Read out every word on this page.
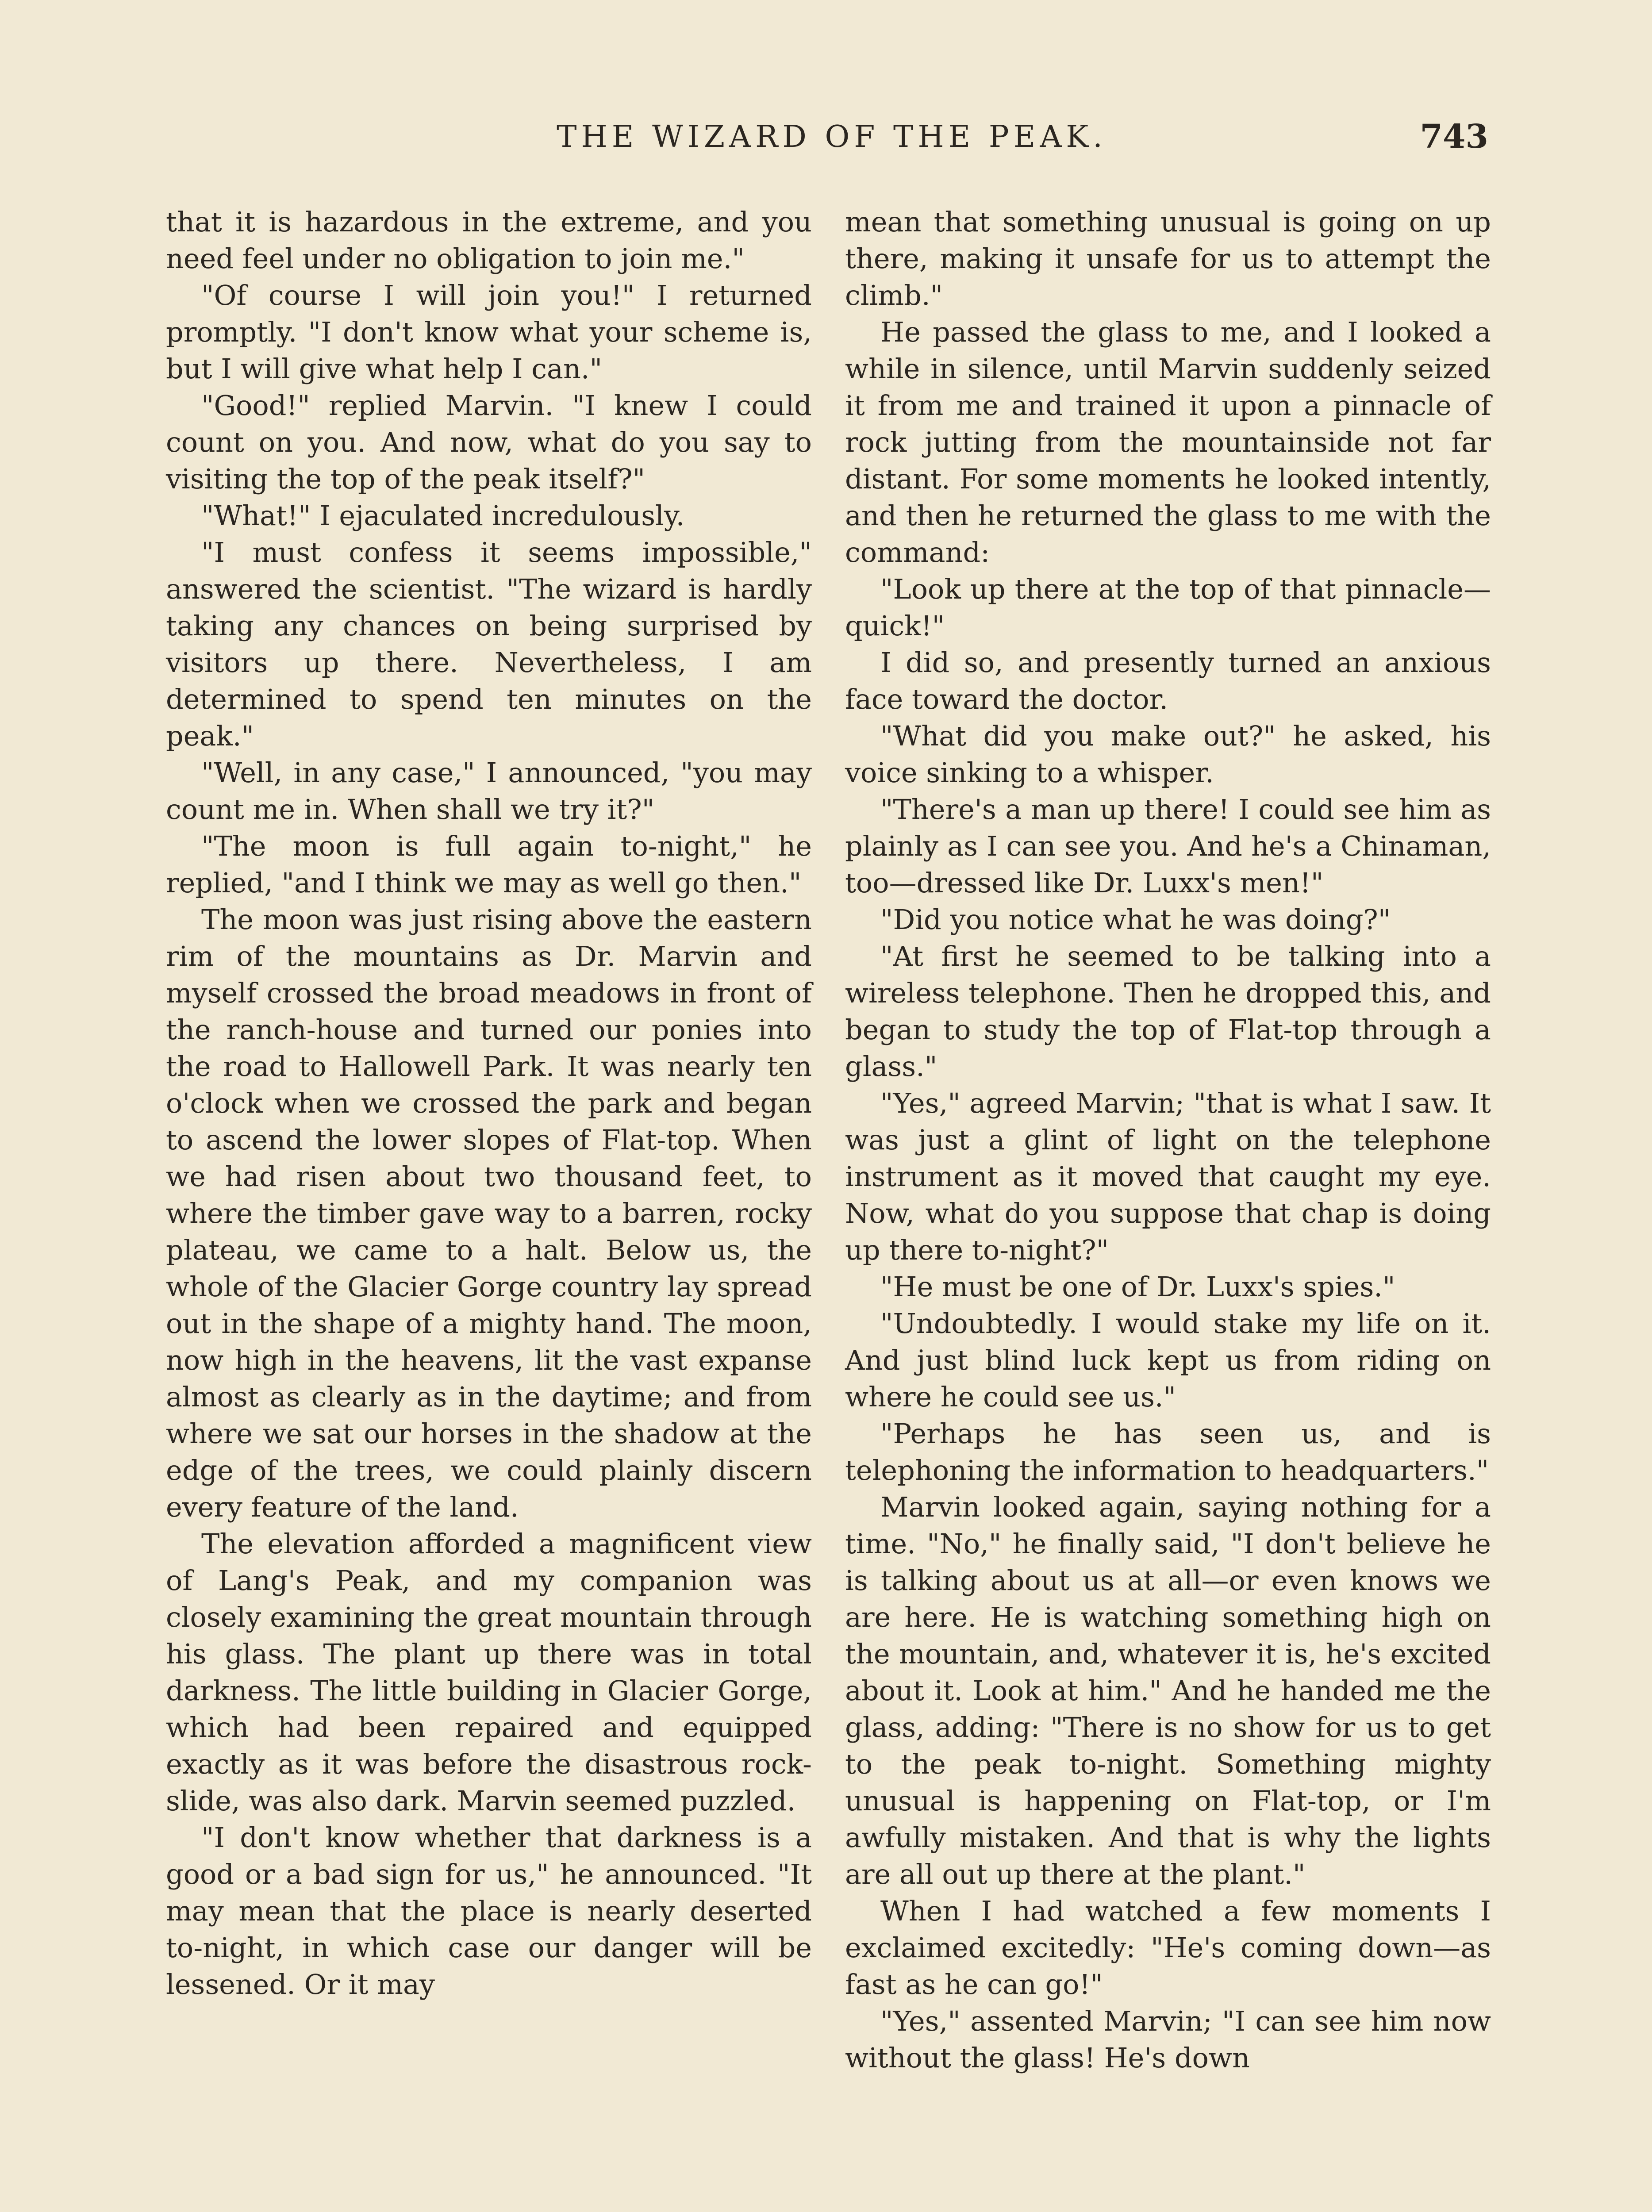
THE WIZARD OF THE PEAK.	743

that it is hazardous in the extreme, and you need feel under no obligation to join me."

"Of course I will join you!" I returned promptly. "I don't know what your scheme is, but I will give what help I can."

"Good!" replied Marvin. "I knew I could count on you. And now, what do you say to visiting the top of the peak itself?"

"What!" I ejaculated incredulously.

"I must confess it seems impossible," answered the scientist. "The wizard is hardly taking any chances on being surprised by visitors up there. Nevertheless, I am determined to spend ten minutes on the peak."

"Well, in any case," I announced, "you may count me in. When shall we try it?"

"The moon is full again to-night," he replied, "and I think we may as well go then."

The moon was just rising above the eastern rim of the mountains as Dr. Marvin and myself crossed the broad meadows in front of the ranch-house and turned our ponies into the road to Hallowell Park. It was nearly ten o'clock when we crossed the park and began to ascend the lower slopes of Flat-top. When we had risen about two thousand feet, to where the timber gave way to a barren, rocky plateau, we came to a halt. Below us, the whole of the Glacier Gorge country lay spread out in the shape of a mighty hand. The moon, now high in the heavens, lit the vast expanse almost as clearly as in the daytime; and from where we sat our horses in the shadow at the edge of the trees, we could plainly discern every feature of the land.

The elevation afforded a magnificent view of Lang's Peak, and my companion was closely examining the great mountain through his glass. The plant up there was in total darkness. The little building in Glacier Gorge, which had been repaired and equipped exactly as it was before the disastrous rock-slide, was also dark. Marvin seemed puzzled.

"I don't know whether that darkness is a good or a bad sign for us," he announced. "It may mean that the place is nearly deserted to-night, in which case our danger will be lessened. Or it may

mean that something unusual is going on up there, making it unsafe for us to attempt the climb."

He passed the glass to me, and I looked a while in silence, until Marvin suddenly seized it from me and trained it upon a pinnacle of rock jutting from the mountainside not far distant. For some moments he looked intently, and then he returned the glass to me with the command:

"Look up there at the top of that pinnacle—quick!"

I did so, and presently turned an anxious face toward the doctor.

"What did you make out?" he asked, his voice sinking to a whisper.

"There's a man up there! I could see him as plainly as I can see you. And he's a Chinaman, too—dressed like Dr. Luxx's men!"

"Did you notice what he was doing?"

"At first he seemed to be talking into a wireless telephone. Then he dropped this, and began to study the top of Flat-top through a glass."

"Yes," agreed Marvin; "that is what I saw. It was just a glint of light on the telephone instrument as it moved that caught my eye. Now, what do you suppose that chap is doing up there to-night?"

"He must be one of Dr. Luxx's spies."

"Undoubtedly. I would stake my life on it. And just blind luck kept us from riding on where he could see us."

"Perhaps he has seen us, and is telephoning the information to headquarters."

Marvin looked again, saying nothing for a time. "No," he finally said, "I don't believe he is talking about us at all—or even knows we are here. He is watching something high on the mountain, and, whatever it is, he's excited about it. Look at him." And he handed me the glass, adding: "There is no show for us to get to the peak to-night. Something mighty unusual is happening on Flat-top, or I'm awfully mistaken. And that is why the lights are all out up there at the plant."

When I had watched a few moments I exclaimed excitedly: "He's coming down—as fast as he can go!"

"Yes," assented Marvin; "I can see him now without the glass! He's down
